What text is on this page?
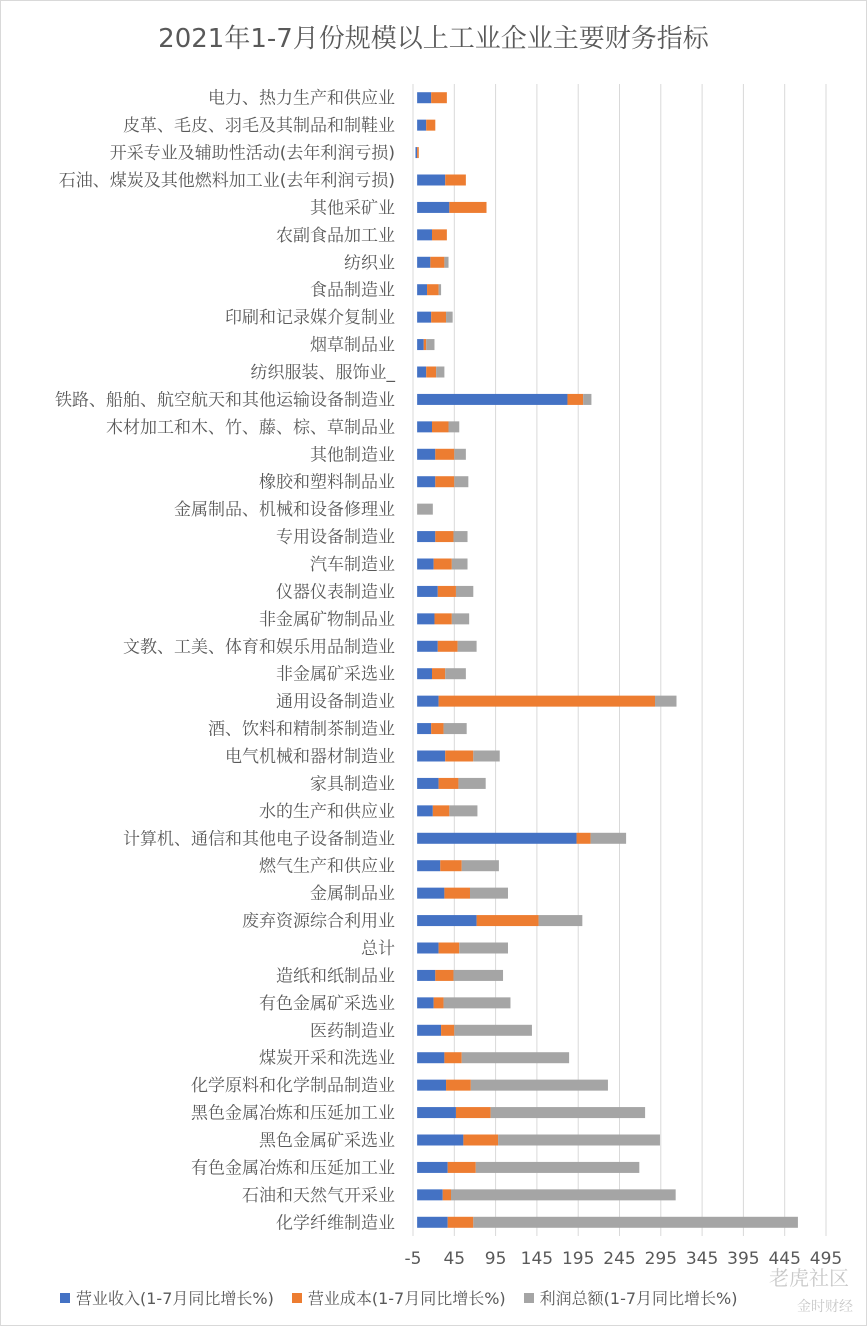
2021年1-7月份规模以上工业企业主要财务指标
电力、热力生产和供应业
皮革、毛皮、羽毛及其制品和制鞋业
开采专业及辅助性活动(去年利润亏损)
石油、煤炭及其他燃料加工业(去年利润亏损)
其他采矿业
农副食品加工业
纺织业
食品制造业
印刷和记录媒介复制业
烟草制品业
纺织服装、服饰业_
铁路、船舶、航空航天和其他运输设备制造业
木材加工和木、竹、藤、棕、草制品业
其他制造业
橡胶和塑料制品业
金属制品、机械和设备修理业
专用设备制造业
汽车制造业
仪器仪表制造业
非金属矿物制品业
文教、工美、体育和娱乐用品制造业
非金属矿采选业
通用设备制造业
酒、饮料和精制茶制造业
电气机械和器材制造业
家具制造业
水的生产和供应业
计算机、通信和其他电子设备制造业
燃气生产和供应业
金属制品业
废弃资源综合利用业
总计
造纸和纸制品业
有色金属矿采选业
医药制造业
煤炭开采和洗选业
化学原料和化学制品制造业
黑色金属冶炼和压延加工业
黑色金属矿采选业
有色金属冶炼和压延加工业
石油和天然气开采业
化学纤维制造业
-5 45 95 145 195 245 295 345 395 445 495
营业收入(1-7月同比增长%) 营业成本(1-7月同比增长%) 利润总额(1-7月同比增长%)
老虎社区
金时财经
